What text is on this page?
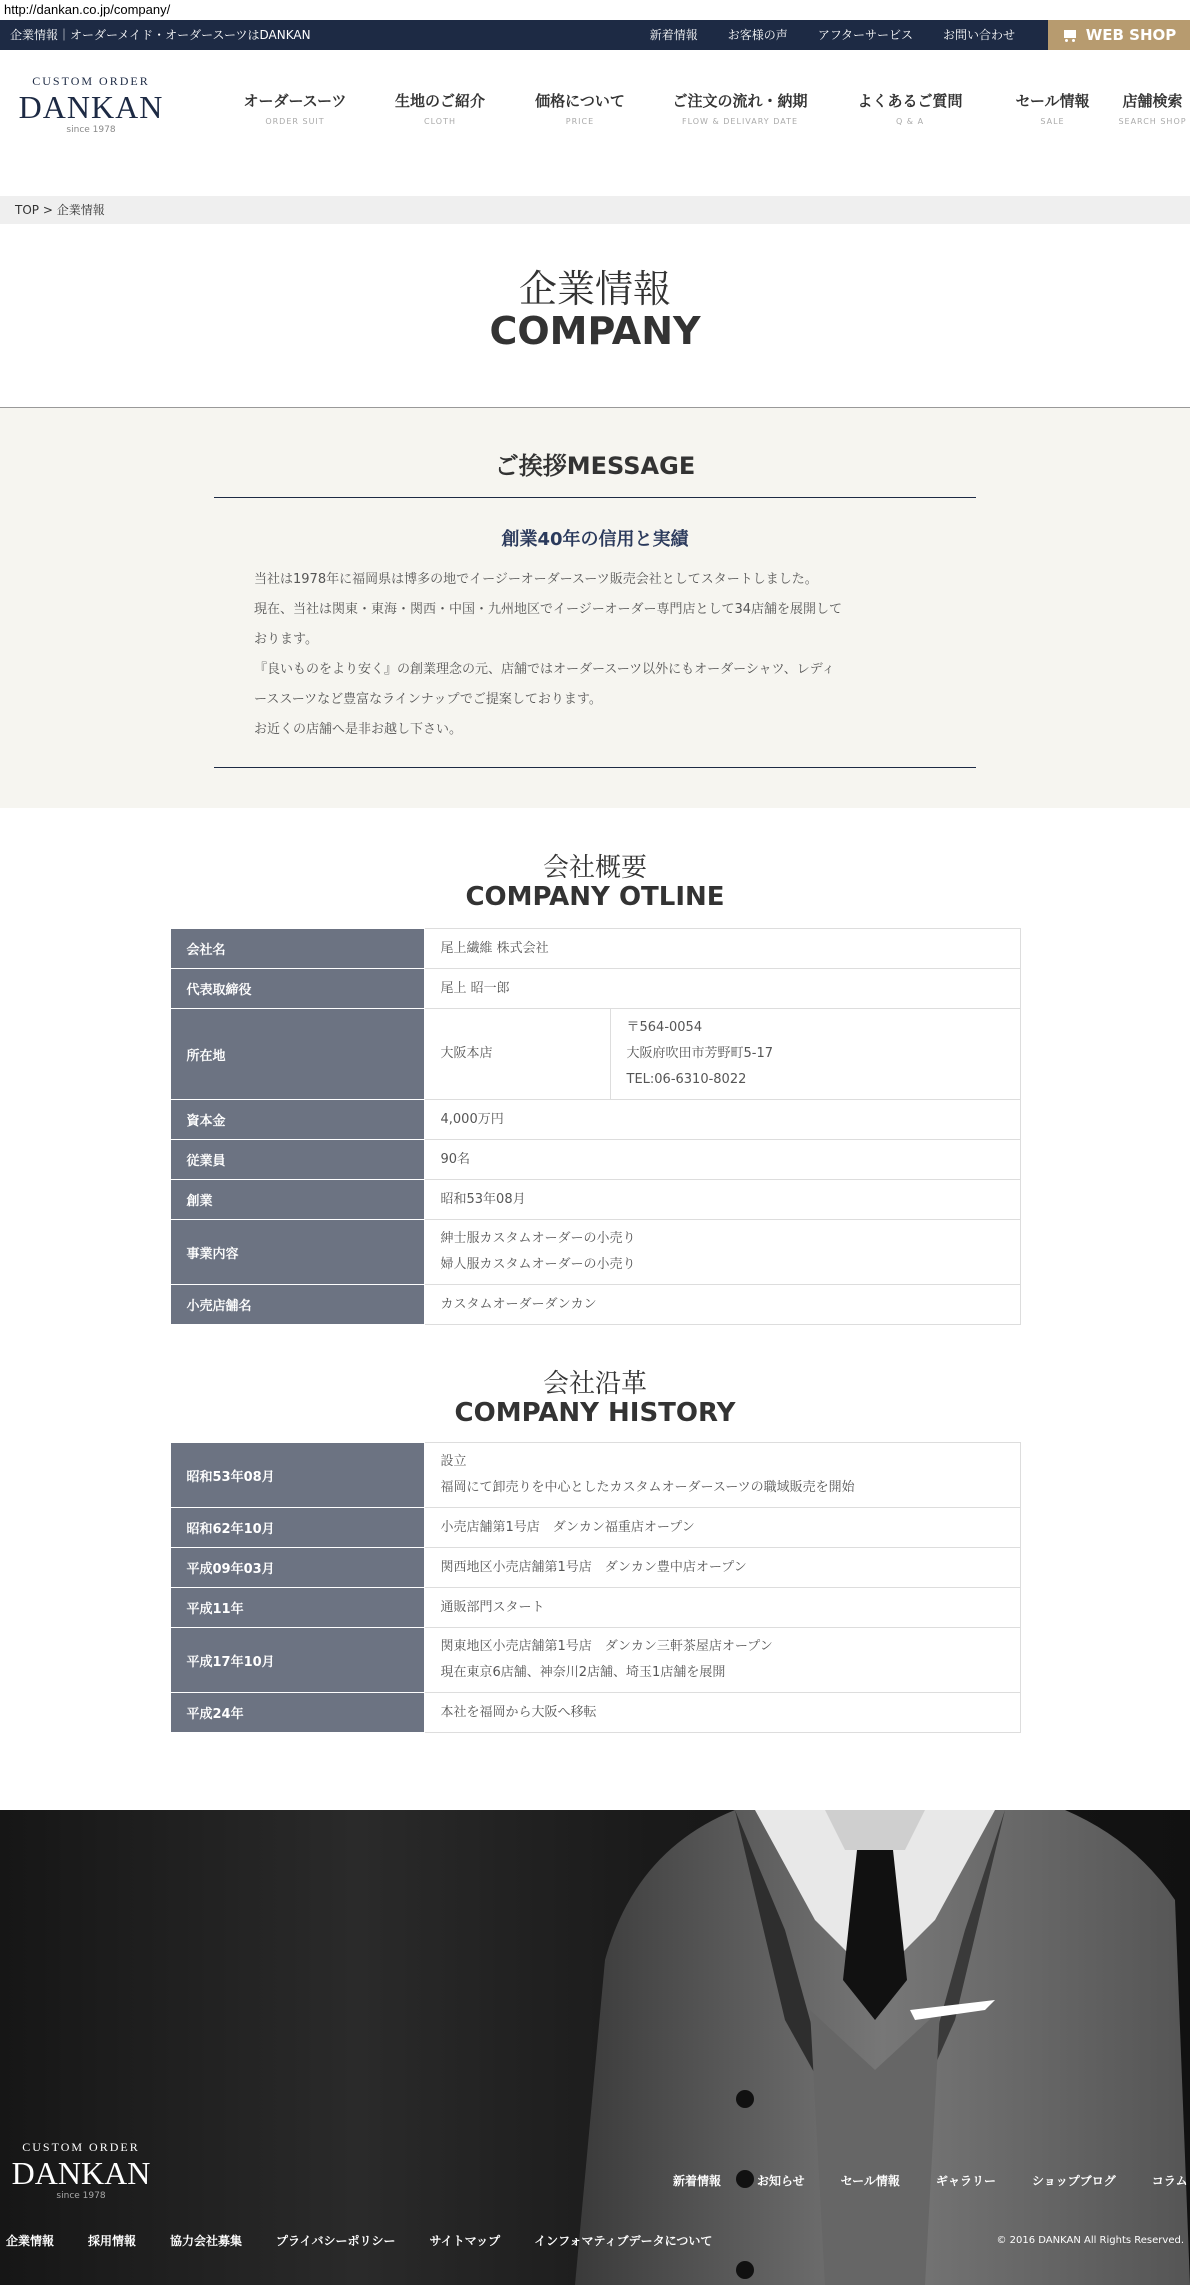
http://dankan.co.jp/company/
企業情報｜オーダーメイド・オーダースーツはDANKAN	新着情報	お客様の声	アフターサービス	お問い合わせ	WEB SHOP
CUSTOM ORDER
DANKAN
since 1978
オーダースーツ
ORDER SUIT
生地のご紹介
CLOTH
価格について
PRICE
ご注文の流れ・納期
FLOW & DELIVARY DATE
よくあるご質問
Q & A
セール情報
SALE
店舗検索
SEARCH SHOP
TOP > 企業情報
企業情報
COMPANY
ご挨拶MESSAGE
創業40年の信用と実績
当社は1978年に福岡県は博多の地でイージーオーダースーツ販売会社としてスタートしました。
現在、当社は関東・東海・関西・中国・九州地区でイージーオーダー専門店として34店舗を展開して
おります。
『良いものをより安く』の創業理念の元、店舗ではオーダースーツ以外にもオーダーシャツ、レディ
ーススーツなど豊富なラインナップでご提案しております。
お近くの店舗へ是非お越し下さい。
会社概要
COMPANY OTLINE
会社名	尾上繊維 株式会社	
代表取締役	尾上 昭一郎	
所在地	大阪本店	〒564-0054
大阪府吹田市芳野町5-17
TEL:06-6310-8022

資本金	4,000万円	
従業員	90名	
創業	昭和53年08月	
事業内容	紳士服カスタムオーダーの小売り
婦人服カスタムオーダーの小売り	

小売店舗名	カスタムオーダーダンカン	
会社沿革
COMPANY HISTORY
昭和53年08月	設立
福岡にて卸売りを中心としたカスタムオーダースーツの職域販売を開始

昭和62年10月	小売店舗第1号店　ダンカン福重店オープン

平成09年03月	関西地区小売店舗第1号店　ダンカン豊中店オープン

平成11年	通販部門スタート

平成17年10月	関東地区小売店舗第1号店　ダンカン三軒茶屋店オープン
現在東京6店舗、神奈川2店舗、埼玉1店舗を展開

平成24年	本社を福岡から大阪へ移転
CUSTOM ORDER
DANKAN
since 1978
新着情報	お知らせ	セール情報	ギャラリー	ショップブログ	コラム
企業情報	採用情報	協力会社募集	プライバシーポリシー	サイトマップ	インフォマティブデータについて	© 2016 DANKAN All Rights Reserved.
